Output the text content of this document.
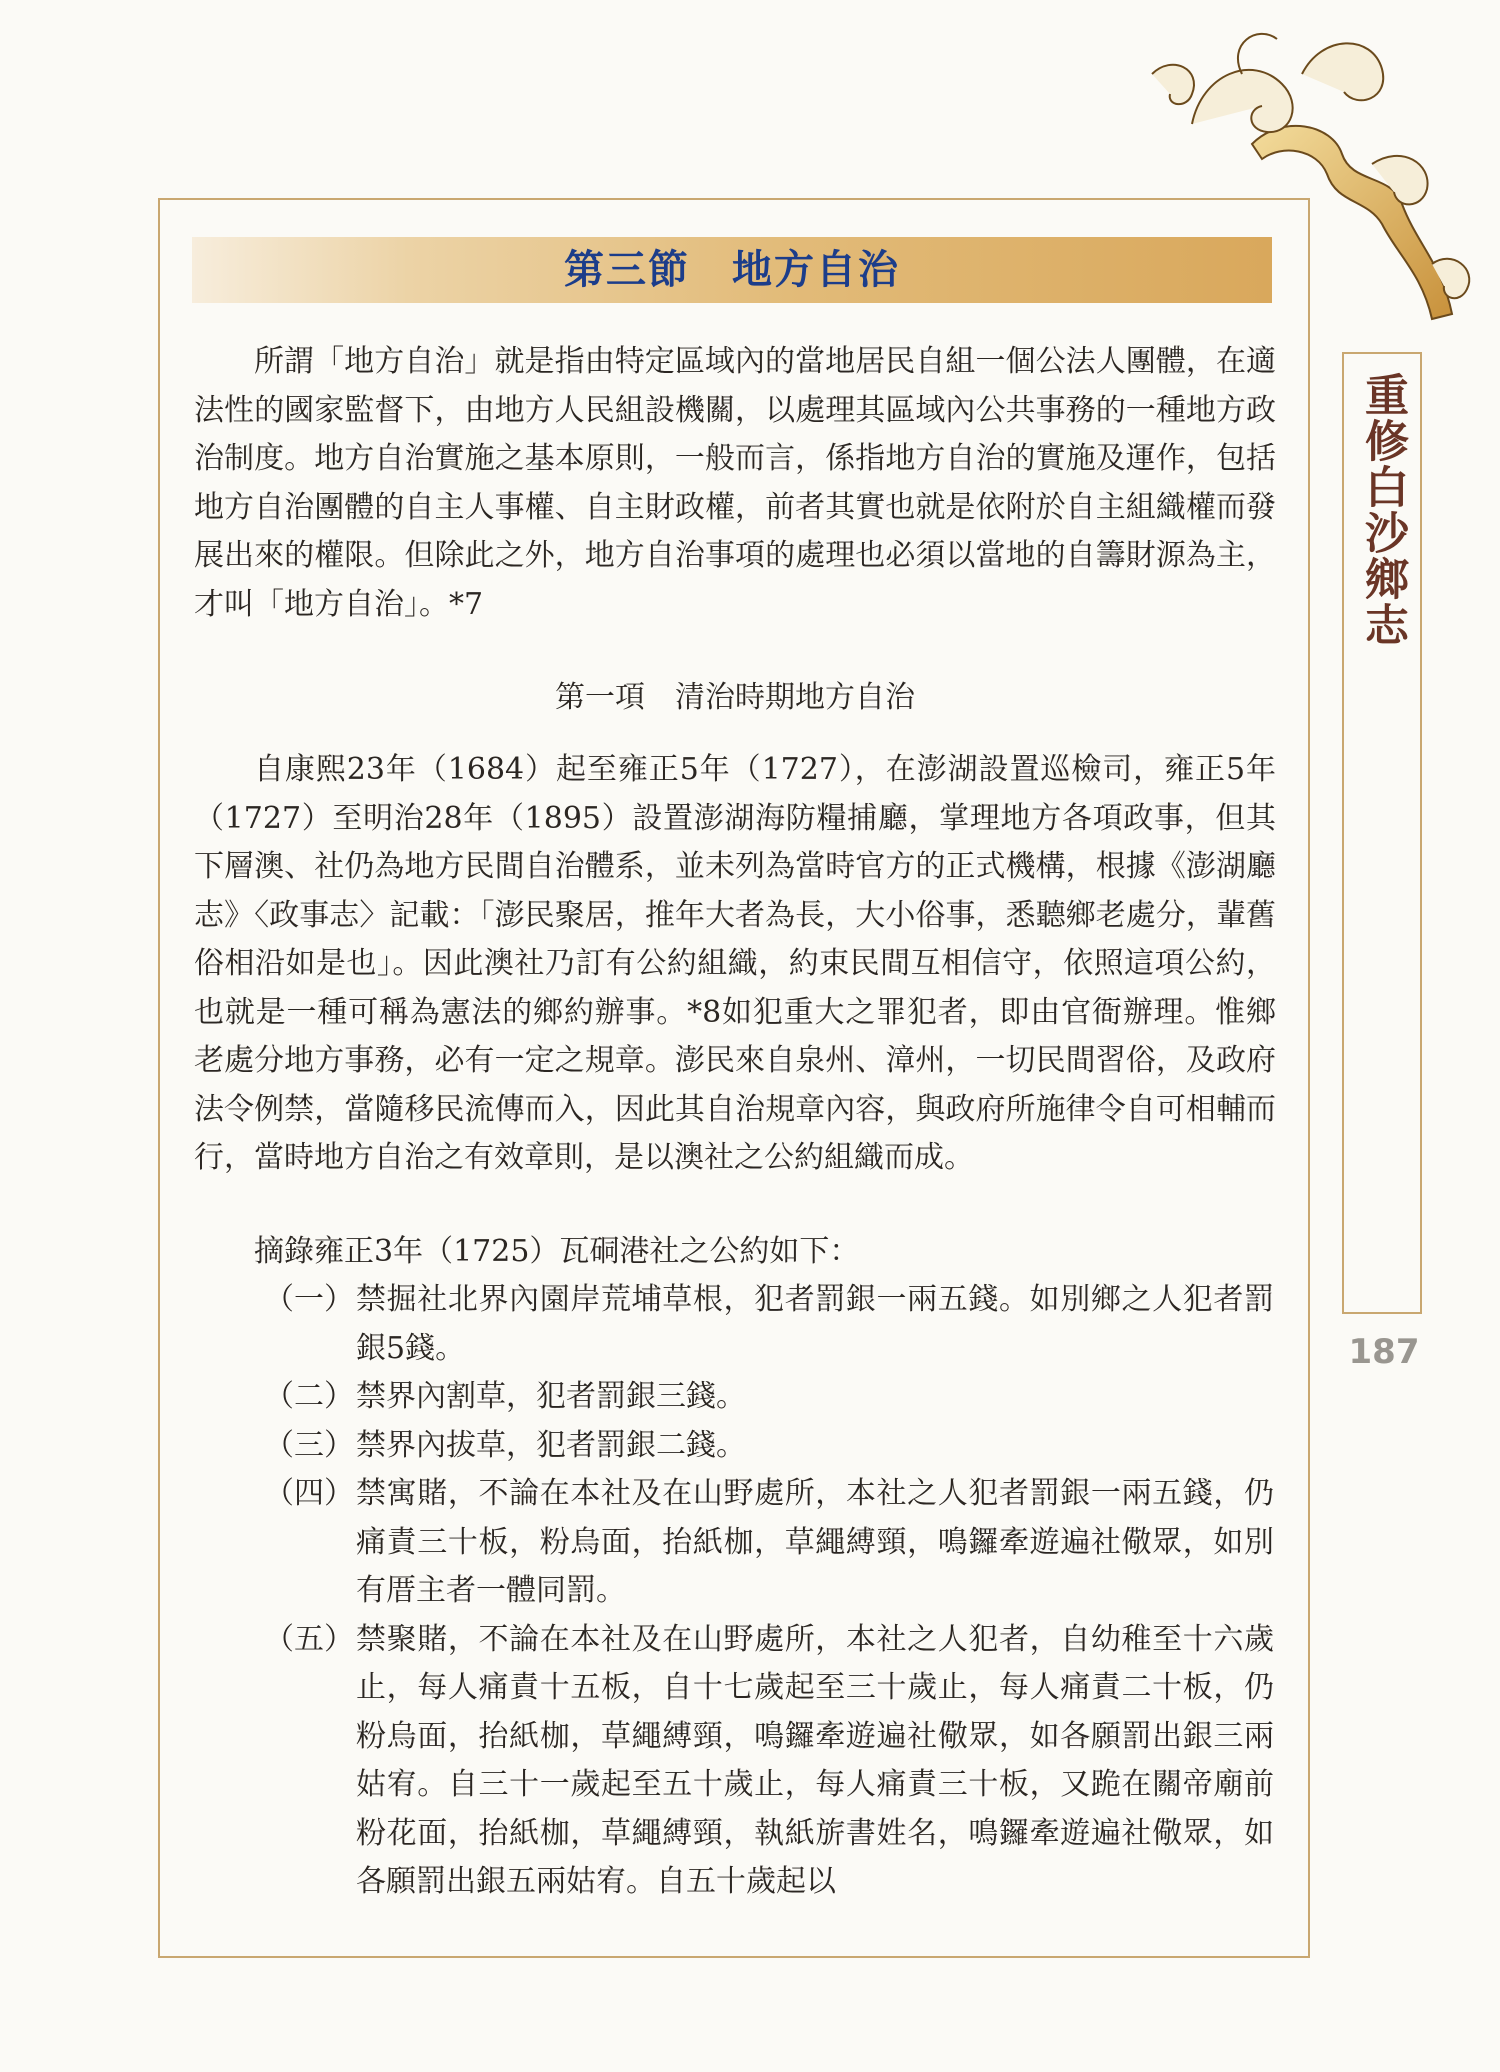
第三節　地方自治
重修白沙鄉志
187

所謂「地方自治」就是指由特定區域內的當地居民自組一個公法人團體，在適法性的國家監督下，由地方人民組設機關，以處理其區域內公共事務的一種地方政治制度。地方自治實施之基本原則，一般而言，係指地方自治的實施及運作，包括地方自治團體的自主人事權、自主財政權，前者其實也就是依附於自主組織權而發展出來的權限。但除此之外，地方自治事項的處理也必須以當地的自籌財源為主，才叫「地方自治」。*7

第一項　清治時期地方自治

自康熙23年（1684）起至雍正5年（1727），在澎湖設置巡檢司，雍正5年（1727）至明治28年（1895）設置澎湖海防糧捕廳，掌理地方各項政事，但其下層澳、社仍為地方民間自治體系，並未列為當時官方的正式機構，根據《澎湖廳志》〈政事志〉記載：「澎民聚居，推年大者為長，大小俗事，悉聽鄉老處分，輩舊俗相沿如是也」。因此澳社乃訂有公約組織，約束民間互相信守，依照這項公約，也就是一種可稱為憲法的鄉約辦事。*8如犯重大之罪犯者，即由官衙辦理。惟鄉老處分地方事務，必有一定之規章。澎民來自泉州、漳州，一切民間習俗，及政府法令例禁，當隨移民流傳而入，因此其自治規章內容，與政府所施律令自可相輔而行，當時地方自治之有效章則，是以澳社之公約組織而成。

摘錄雍正3年（1725）瓦硐港社之公約如下：

（一） 禁掘社北界內園岸荒埔草根，犯者罰銀一兩五錢。如別鄉之人犯者罰銀5錢。
（二） 禁界內割草，犯者罰銀三錢。
（三） 禁界內拔草，犯者罰銀二錢。
（四） 禁寓賭，不論在本社及在山野處所，本社之人犯者罰銀一兩五錢，仍痛責三十板，粉烏面，抬紙枷，草繩縛頸，鳴鑼牽遊遍社儆眾，如別有厝主者一體同罰。
（五） 禁聚賭，不論在本社及在山野處所，本社之人犯者，自幼稚至十六歲止，每人痛責十五板，自十七歲起至三十歲止，每人痛責二十板，仍粉烏面，抬紙枷，草繩縛頸，鳴鑼牽遊遍社儆眾，如各願罰出銀三兩姑宥。自三十一歲起至五十歲止，每人痛責三十板，又跪在關帝廟前粉花面，抬紙枷，草繩縛頸，執紙旂書姓名，鳴鑼牽遊遍社儆眾，如各願罰出銀五兩姑宥。自五十歲起以
